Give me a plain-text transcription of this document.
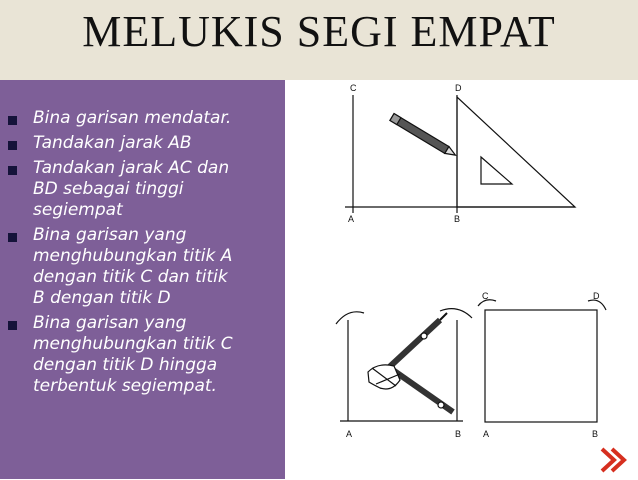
MELUKIS SEGI EMPAT
Bina garisan mendatar.
Tandakan jarak AB
Tandakan jarak AC dan
BD sebagai tinggi
segiempat
Bina garisan yang
menghubungkan titik A
dengan titik C dan titik
B dengan titik D
Bina garisan yang
menghubungkan titik C
dengan titik D hingga
terbentuk segiempat.
C	D
A	B
A	B
C	D
A	B
